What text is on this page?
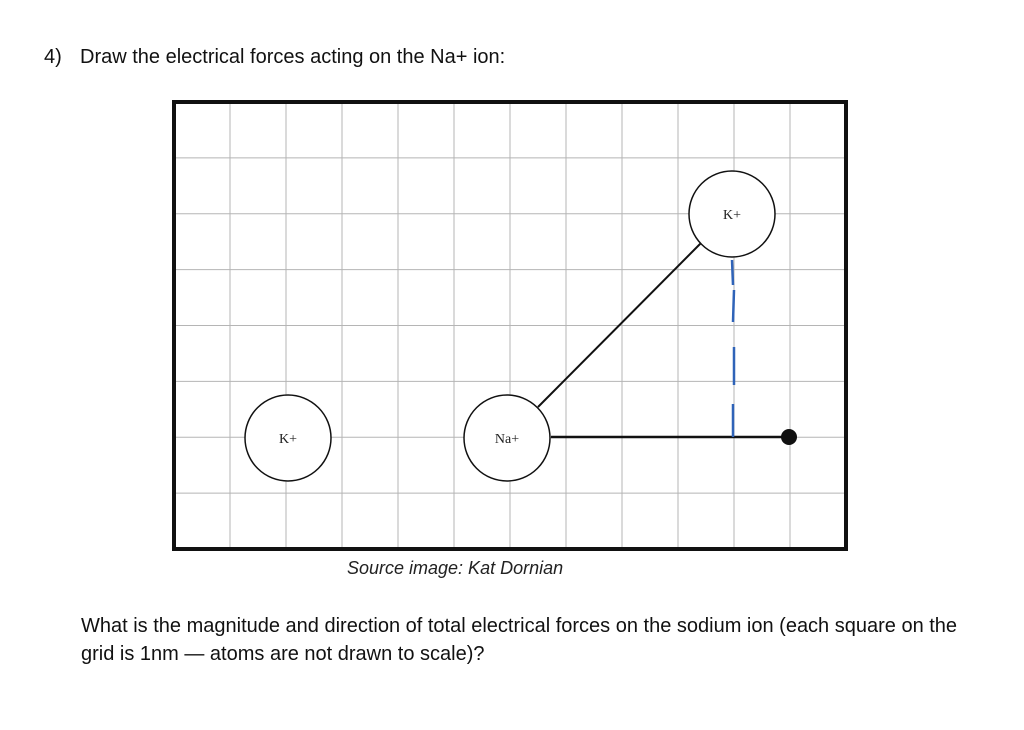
4) Draw the electrical forces acting on the Na+ ion:
K+	Na+
K+
Source image: Kat Dornian
What is the magnitude and direction of total electrical forces on the sodium ion (each square on the grid is 1nm — atoms are not drawn to scale)?
